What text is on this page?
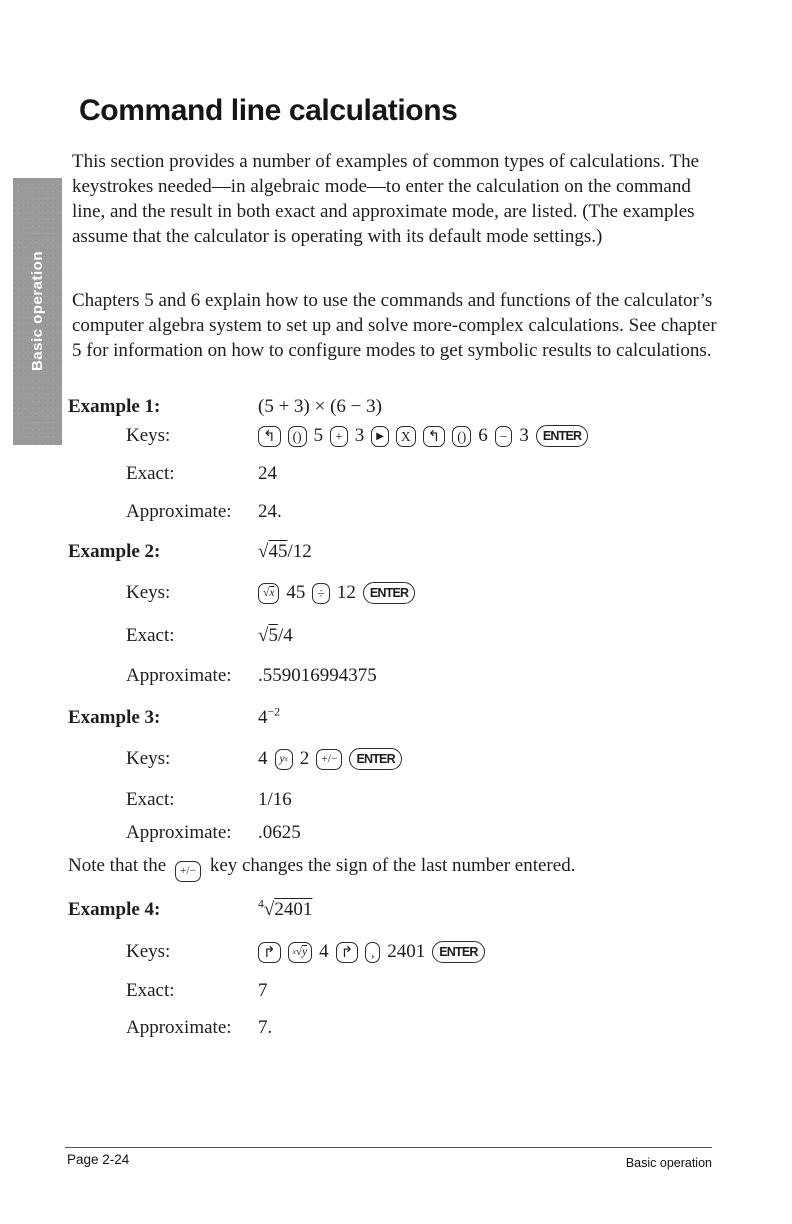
Basic operation
Command line calculations

This section provides a number of examples of common types of calculations. The keystrokes needed—in algebraic mode—to enter the calculation on the command line, and the result in both exact and approximate mode, are listed. (The examples assume that the calculator is operating with its default mode settings.)

Chapters 5 and 6 explain how to use the commands and functions of the calculator’s computer algebra system to set up and solve more-complex calculations. See chapter 5 for information on how to configure modes to get symbolic results to calculations.

Example 1:	(5 + 3) × (6 − 3)
Keys:	↰	() 5 + 3	▶	X	↰	() 6 − 3	ENTER
Exact:	24
Approximate: 24.
Example 2:	√45/12
Keys:	√ x 45 ÷ 12	ENTER
Exact:	√5/4
Approximate: .559016994375
Example 3:	$4^{-2}$
Keys:	4 y x 2	+/−	ENTER
Exact:	1/16
Approximate: .0625

Note that the +/− key changes the sign of the last number entered.

Example 4:	$^4$√2401
Keys:	↱	x √ y 4 ↱	, 2401	ENTER
Exact:	7
Approximate: 7.
Page 2-24	Basic operation
